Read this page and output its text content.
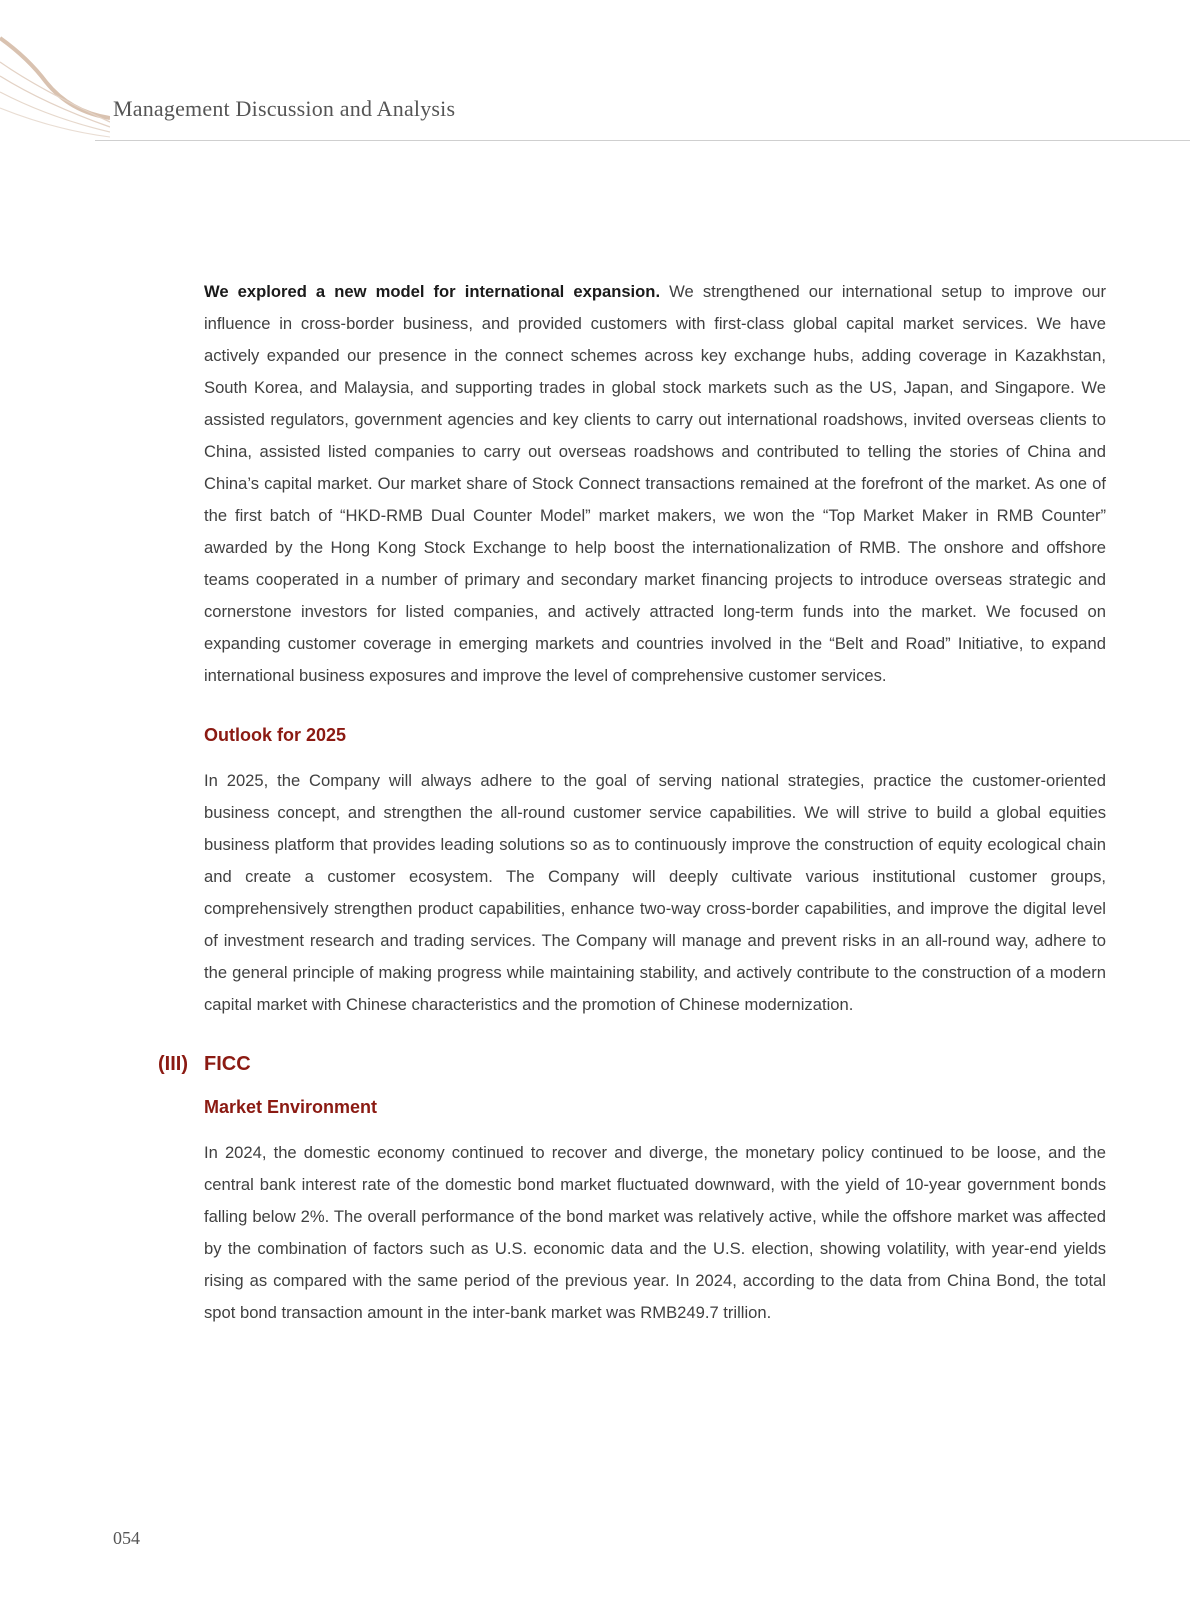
Management Discussion and Analysis

We explored a new model for international expansion. We strengthened our international setup to improve our influence in cross-border business, and provided customers with first-class global capital market services. We have actively expanded our presence in the connect schemes across key exchange hubs, adding coverage in Kazakhstan, South Korea, and Malaysia, and supporting trades in global stock markets such as the US, Japan, and Singapore. We assisted regulators, government agencies and key clients to carry out international roadshows, invited overseas clients to China, assisted listed companies to carry out overseas roadshows and contributed to telling the stories of China and China’s capital market. Our market share of Stock Connect transactions remained at the forefront of the market. As one of the first batch of “HKD-RMB Dual Counter Model” market makers, we won the “Top Market Maker in RMB Counter” awarded by the Hong Kong Stock Exchange to help boost the internationalization of RMB. The onshore and offshore teams cooperated in a number of primary and secondary market financing projects to introduce overseas strategic and cornerstone investors for listed companies, and actively attracted long-term funds into the market. We focused on expanding customer coverage in emerging markets and countries involved in the “Belt and Road” Initiative, to expand international business exposures and improve the level of comprehensive customer services.

Outlook for 2025

In 2025, the Company will always adhere to the goal of serving national strategies, practice the customer-oriented business concept, and strengthen the all-round customer service capabilities. We will strive to build a global equities business platform that provides leading solutions so as to continuously improve the construction of equity ecological chain and create a customer ecosystem. The Company will deeply cultivate various institutional customer groups, comprehensively strengthen product capabilities, enhance two-way cross-border capabilities, and improve the digital level of investment research and trading services. The Company will manage and prevent risks in an all-round way, adhere to the general principle of making progress while maintaining stability, and actively contribute to the construction of a modern capital market with Chinese characteristics and the promotion of Chinese modernization.

(III) FICC
Market Environment

In 2024, the domestic economy continued to recover and diverge, the monetary policy continued to be loose, and the central bank interest rate of the domestic bond market fluctuated downward, with the yield of 10-year government bonds falling below 2%. The overall performance of the bond market was relatively active, while the offshore market was affected by the combination of factors such as U.S. economic data and the U.S. election, showing volatility, with year-end yields rising as compared with the same period of the previous year. In 2024, according to the data from China Bond, the total spot bond transaction amount in the inter-bank market was RMB249.7 trillion.

054
